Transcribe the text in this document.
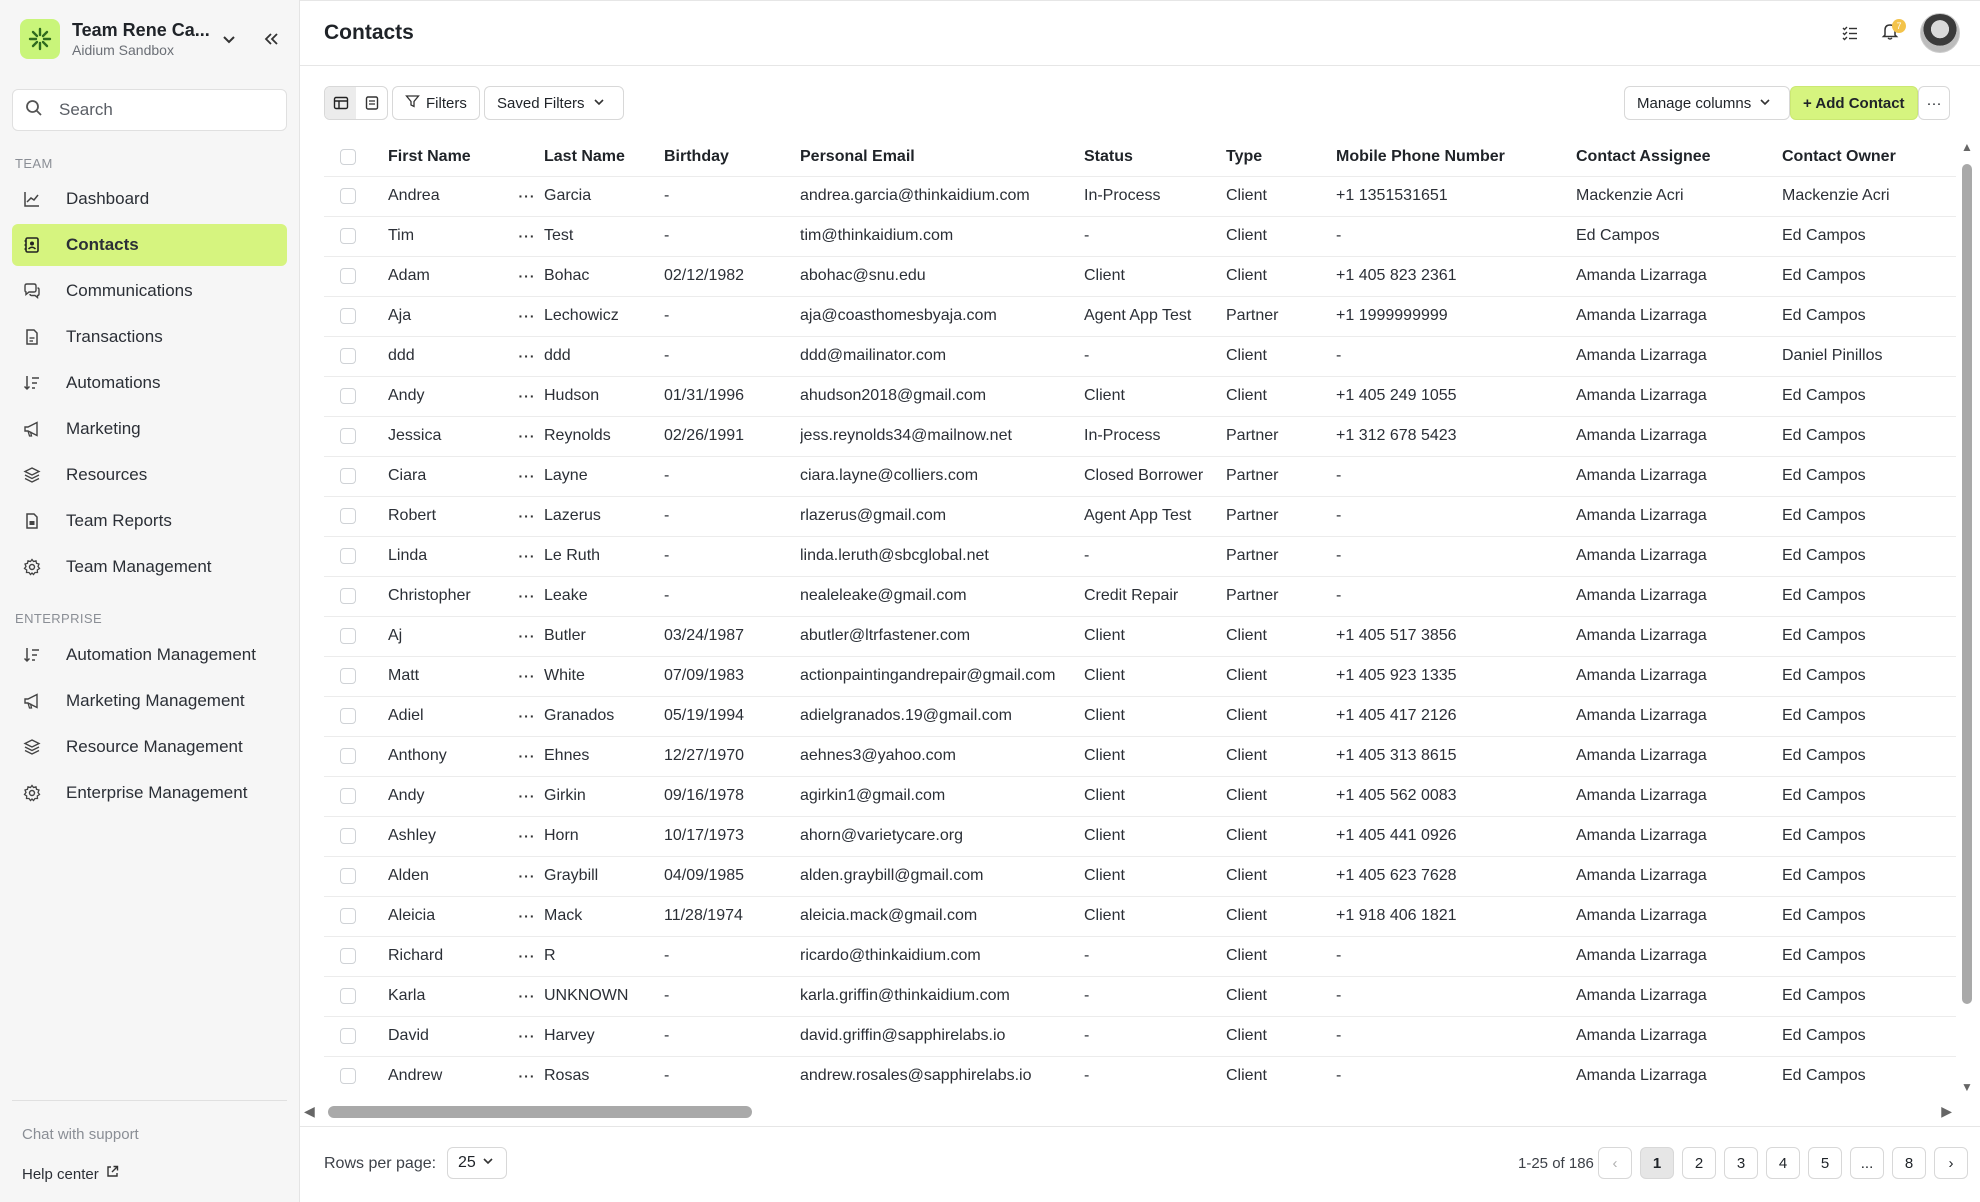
Team Rene Ca...
Aidium Sandbox
Search
TEAM
Dashboard
Contacts
Communications
Transactions
Automations
Marketing
Resources
Team Reports
Team Management
ENTERPRISE
Automation Management
Marketing Management
Resource Management
Enterprise Management
Chat with support
Help center
Contacts	7
Filters Saved Filters	Manage columns	+ Add Contact ···
	First Name		Last Name	Birthday	Personal Email	Status	Type	Mobile Phone Number	Contact Assignee	Contact Owner

	Andrea	···	Garcia	-	andrea.garcia@thinkaidium.com	In-Process	Client	+1 1351531651	Mackenzie Acri	Mackenzie Acri

	Tim	···	Test	-	tim@thinkaidium.com	-	Client	-	Ed Campos	Ed Campos

	Adam	···	Bohac	02/12/1982	abohac@snu.edu	Client	Client	+1 405 823 2361	Amanda Lizarraga	Ed Campos

	Aja	···	Lechowicz	-	aja@coasthomesbyaja.com	Agent App Test	Partner	+1 1999999999	Amanda Lizarraga	Ed Campos

	ddd	···	ddd	-	ddd@mailinator.com	-	Client	-	Amanda Lizarraga	Daniel Pinillos

	Andy	···	Hudson	01/31/1996	ahudson2018@gmail.com	Client	Client	+1 405 249 1055	Amanda Lizarraga	Ed Campos

	Jessica	···	Reynolds	02/26/1991	jess.reynolds34@mailnow.net	In-Process	Partner	+1 312 678 5423	Amanda Lizarraga	Ed Campos

	Ciara	···	Layne	-	ciara.layne@colliers.com	Closed Borrower	Partner	-	Amanda Lizarraga	Ed Campos

	Robert	···	Lazerus	-	rlazerus@gmail.com	Agent App Test	Partner	-	Amanda Lizarraga	Ed Campos

	Linda	···	Le Ruth	-	linda.leruth@sbcglobal.net	-	Partner	-	Amanda Lizarraga	Ed Campos

	Christopher	···	Leake	-	nealeleake@gmail.com	Credit Repair	Partner	-	Amanda Lizarraga	Ed Campos

	Aj	···	Butler	03/24/1987	abutler@ltrfastener.com	Client	Client	+1 405 517 3856	Amanda Lizarraga	Ed Campos

	Matt	···	White	07/09/1983	actionpaintingandrepair@gmail.com	Client	Client	+1 405 923 1335	Amanda Lizarraga	Ed Campos

	Adiel	···	Granados	05/19/1994	adielgranados.19@gmail.com	Client	Client	+1 405 417 2126	Amanda Lizarraga	Ed Campos

	Anthony	···	Ehnes	12/27/1970	aehnes3@yahoo.com	Client	Client	+1 405 313 8615	Amanda Lizarraga	Ed Campos

	Andy	···	Girkin	09/16/1978	agirkin1@gmail.com	Client	Client	+1 405 562 0083	Amanda Lizarraga	Ed Campos

	Ashley	···	Horn	10/17/1973	ahorn@varietycare.org	Client	Client	+1 405 441 0926	Amanda Lizarraga	Ed Campos

	Alden	···	Graybill	04/09/1985	alden.graybill@gmail.com	Client	Client	+1 405 623 7628	Amanda Lizarraga	Ed Campos

	Aleicia	···	Mack	11/28/1974	aleicia.mack@gmail.com	Client	Client	+1 918 406 1821	Amanda Lizarraga	Ed Campos

	Richard	···	R	-	ricardo@thinkaidium.com	-	Client	-	Amanda Lizarraga	Ed Campos

	Karla	···	UNKNOWN	-	karla.griffin@thinkaidium.com	-	Client	-	Amanda Lizarraga	Ed Campos

	David	···	Harvey	-	david.griffin@sapphirelabs.io	-	Client	-	Amanda Lizarraga	Ed Campos

	Andrew	···	Rosas	-	andrew.rosales@sapphirelabs.io	-	Client	-	Amanda Lizarraga	Ed Campos
◀	▶
▲
▼
Rows per page: 25	1-25 of 186	‹	1	2	3	4	5	...	8	›
